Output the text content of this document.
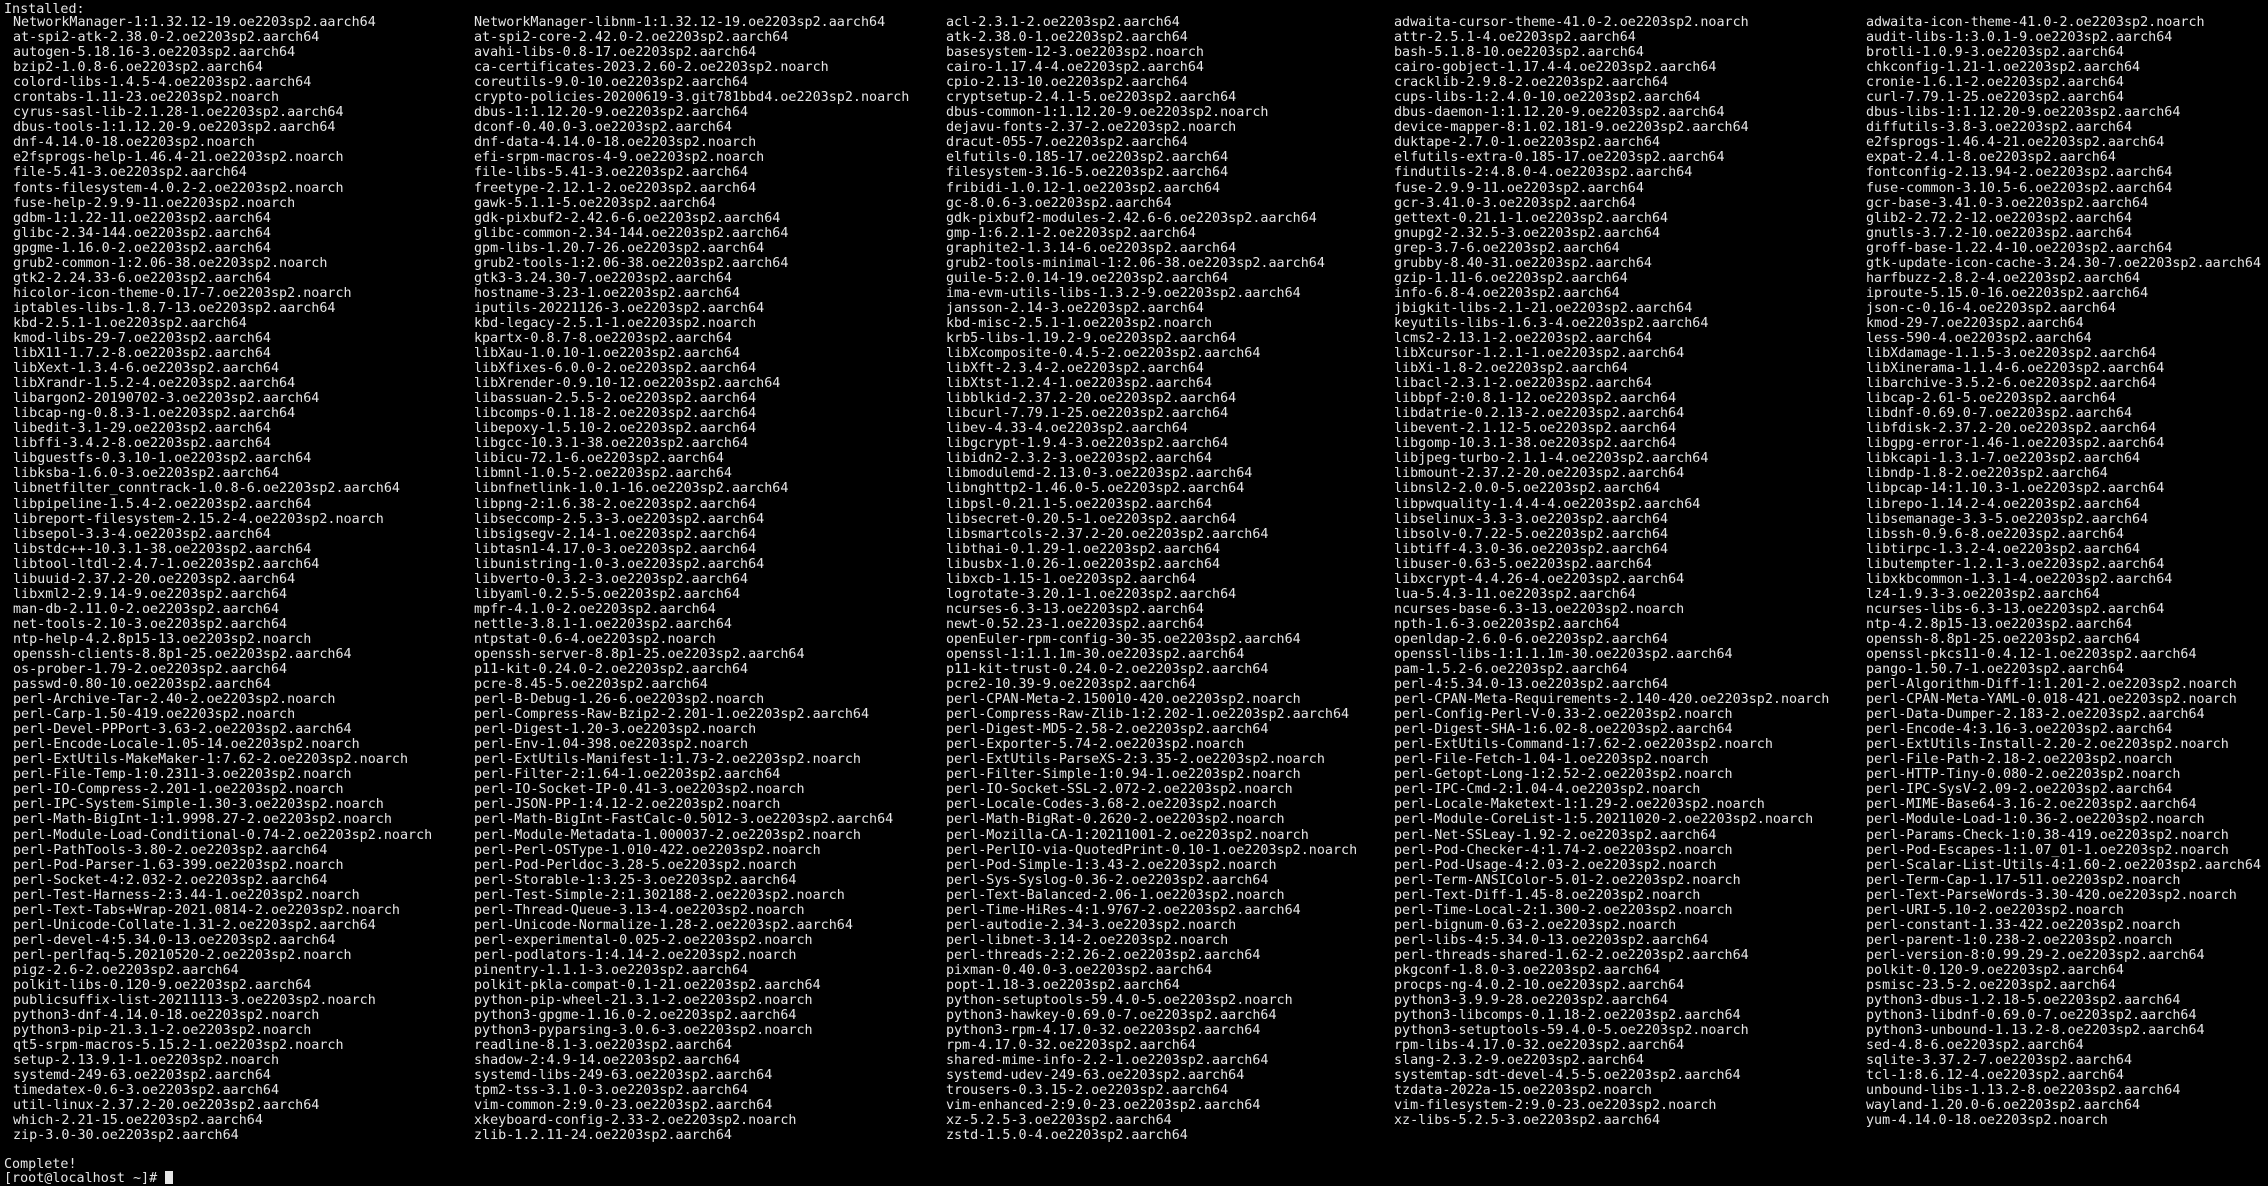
Installed:
NetworkManager-1:1.32.12-19.oe2203sp2.aarch64
at-spi2-atk-2.38.0-2.oe2203sp2.aarch64
autogen-5.18.16-3.oe2203sp2.aarch64
bzip2-1.0.8-6.oe2203sp2.aarch64
colord-libs-1.4.5-4.oe2203sp2.aarch64
crontabs-1.11-23.oe2203sp2.noarch
cyrus-sasl-lib-2.1.28-1.oe2203sp2.aarch64
dbus-tools-1:1.12.20-9.oe2203sp2.aarch64
dnf-4.14.0-18.oe2203sp2.noarch
e2fsprogs-help-1.46.4-21.oe2203sp2.noarch
file-5.41-3.oe2203sp2.aarch64
fonts-filesystem-4.0.2-2.oe2203sp2.noarch
fuse-help-2.9.9-11.oe2203sp2.noarch
gdbm-1:1.22-11.oe2203sp2.aarch64
glibc-2.34-144.oe2203sp2.aarch64
gpgme-1.16.0-2.oe2203sp2.aarch64
grub2-common-1:2.06-38.oe2203sp2.noarch
gtk2-2.24.33-6.oe2203sp2.aarch64
hicolor-icon-theme-0.17-7.oe2203sp2.noarch
iptables-libs-1.8.7-13.oe2203sp2.aarch64
kbd-2.5.1-1.oe2203sp2.aarch64
kmod-libs-29-7.oe2203sp2.aarch64
libX11-1.7.2-8.oe2203sp2.aarch64
libXext-1.3.4-6.oe2203sp2.aarch64
libXrandr-1.5.2-4.oe2203sp2.aarch64
libargon2-20190702-3.oe2203sp2.aarch64
libcap-ng-0.8.3-1.oe2203sp2.aarch64
libedit-3.1-29.oe2203sp2.aarch64
libffi-3.4.2-8.oe2203sp2.aarch64
libguestfs-0.3.10-1.oe2203sp2.aarch64
libksba-1.6.0-3.oe2203sp2.aarch64
libnetfilter_conntrack-1.0.8-6.oe2203sp2.aarch64
libpipeline-1.5.4-2.oe2203sp2.aarch64
libreport-filesystem-2.15.2-4.oe2203sp2.noarch
libsepol-3.3-4.oe2203sp2.aarch64
libstdc++-10.3.1-38.oe2203sp2.aarch64
libtool-ltdl-2.4.7-1.oe2203sp2.aarch64
libuuid-2.37.2-20.oe2203sp2.aarch64
libxml2-2.9.14-9.oe2203sp2.aarch64
man-db-2.11.0-2.oe2203sp2.aarch64
net-tools-2.10-3.oe2203sp2.aarch64
ntp-help-4.2.8p15-13.oe2203sp2.noarch
openssh-clients-8.8p1-25.oe2203sp2.aarch64
os-prober-1.79-2.oe2203sp2.aarch64
passwd-0.80-10.oe2203sp2.aarch64
perl-Archive-Tar-2.40-2.oe2203sp2.noarch
perl-Carp-1.50-419.oe2203sp2.noarch
perl-Devel-PPPort-3.63-2.oe2203sp2.aarch64
perl-Encode-Locale-1.05-14.oe2203sp2.noarch
perl-ExtUtils-MakeMaker-1:7.62-2.oe2203sp2.noarch
perl-File-Temp-1:0.2311-3.oe2203sp2.noarch
perl-IO-Compress-2.201-1.oe2203sp2.noarch
perl-IPC-System-Simple-1.30-3.oe2203sp2.noarch
perl-Math-BigInt-1:1.9998.27-2.oe2203sp2.noarch
perl-Module-Load-Conditional-0.74-2.oe2203sp2.noarch
perl-PathTools-3.80-2.oe2203sp2.aarch64
perl-Pod-Parser-1.63-399.oe2203sp2.noarch
perl-Socket-4:2.032-2.oe2203sp2.aarch64
perl-Test-Harness-2:3.44-1.oe2203sp2.noarch
perl-Text-Tabs+Wrap-2021.0814-2.oe2203sp2.noarch
perl-Unicode-Collate-1.31-2.oe2203sp2.aarch64
perl-devel-4:5.34.0-13.oe2203sp2.aarch64
perl-perlfaq-5.20210520-2.oe2203sp2.noarch
pigz-2.6-2.oe2203sp2.aarch64
polkit-libs-0.120-9.oe2203sp2.aarch64
publicsuffix-list-20211113-3.oe2203sp2.noarch
python3-dnf-4.14.0-18.oe2203sp2.noarch
python3-pip-21.3.1-2.oe2203sp2.noarch
qt5-srpm-macros-5.15.2-1.oe2203sp2.noarch
setup-2.13.9.1-1.oe2203sp2.noarch
systemd-249-63.oe2203sp2.aarch64
timedatex-0.6-3.oe2203sp2.aarch64
util-linux-2.37.2-20.oe2203sp2.aarch64
which-2.21-15.oe2203sp2.aarch64
zip-3.0-30.oe2203sp2.aarch64
NetworkManager-libnm-1:1.32.12-19.oe2203sp2.aarch64
at-spi2-core-2.42.0-2.oe2203sp2.aarch64
avahi-libs-0.8-17.oe2203sp2.aarch64
ca-certificates-2023.2.60-2.oe2203sp2.noarch
coreutils-9.0-10.oe2203sp2.aarch64
crypto-policies-20200619-3.git781bbd4.oe2203sp2.noarch
dbus-1:1.12.20-9.oe2203sp2.aarch64
dconf-0.40.0-3.oe2203sp2.aarch64
dnf-data-4.14.0-18.oe2203sp2.noarch
efi-srpm-macros-4-9.oe2203sp2.noarch
file-libs-5.41-3.oe2203sp2.aarch64
freetype-2.12.1-2.oe2203sp2.aarch64
gawk-5.1.1-5.oe2203sp2.aarch64
gdk-pixbuf2-2.42.6-6.oe2203sp2.aarch64
glibc-common-2.34-144.oe2203sp2.aarch64
gpm-libs-1.20.7-26.oe2203sp2.aarch64
grub2-tools-1:2.06-38.oe2203sp2.aarch64
gtk3-3.24.30-7.oe2203sp2.aarch64
hostname-3.23-1.oe2203sp2.aarch64
iputils-20221126-3.oe2203sp2.aarch64
kbd-legacy-2.5.1-1.oe2203sp2.noarch
kpartx-0.8.7-8.oe2203sp2.aarch64
libXau-1.0.10-1.oe2203sp2.aarch64
libXfixes-6.0.0-2.oe2203sp2.aarch64
libXrender-0.9.10-12.oe2203sp2.aarch64
libassuan-2.5.5-2.oe2203sp2.aarch64
libcomps-0.1.18-2.oe2203sp2.aarch64
libepoxy-1.5.10-2.oe2203sp2.aarch64
libgcc-10.3.1-38.oe2203sp2.aarch64
libicu-72.1-6.oe2203sp2.aarch64
libmnl-1.0.5-2.oe2203sp2.aarch64
libnfnetlink-1.0.1-16.oe2203sp2.aarch64
libpng-2:1.6.38-2.oe2203sp2.aarch64
libseccomp-2.5.3-3.oe2203sp2.aarch64
libsigsegv-2.14-1.oe2203sp2.aarch64
libtasn1-4.17.0-3.oe2203sp2.aarch64
libunistring-1.0-3.oe2203sp2.aarch64
libverto-0.3.2-3.oe2203sp2.aarch64
libyaml-0.2.5-5.oe2203sp2.aarch64
mpfr-4.1.0-2.oe2203sp2.aarch64
nettle-3.8.1-1.oe2203sp2.aarch64
ntpstat-0.6-4.oe2203sp2.noarch
openssh-server-8.8p1-25.oe2203sp2.aarch64
p11-kit-0.24.0-2.oe2203sp2.aarch64
pcre-8.45-5.oe2203sp2.aarch64
perl-B-Debug-1.26-6.oe2203sp2.noarch
perl-Compress-Raw-Bzip2-2.201-1.oe2203sp2.aarch64
perl-Digest-1.20-3.oe2203sp2.noarch
perl-Env-1.04-398.oe2203sp2.noarch
perl-ExtUtils-Manifest-1:1.73-2.oe2203sp2.noarch
perl-Filter-2:1.64-1.oe2203sp2.aarch64
perl-IO-Socket-IP-0.41-3.oe2203sp2.noarch
perl-JSON-PP-1:4.12-2.oe2203sp2.noarch
perl-Math-BigInt-FastCalc-0.5012-3.oe2203sp2.aarch64
perl-Module-Metadata-1.000037-2.oe2203sp2.noarch
perl-Perl-OSType-1.010-422.oe2203sp2.noarch
perl-Pod-Perldoc-3.28-5.oe2203sp2.noarch
perl-Storable-1:3.25-3.oe2203sp2.aarch64
perl-Test-Simple-2:1.302188-2.oe2203sp2.noarch
perl-Thread-Queue-3.13-4.oe2203sp2.noarch
perl-Unicode-Normalize-1.28-2.oe2203sp2.aarch64
perl-experimental-0.025-2.oe2203sp2.noarch
perl-podlators-1:4.14-2.oe2203sp2.noarch
pinentry-1.1.1-3.oe2203sp2.aarch64
polkit-pkla-compat-0.1-21.oe2203sp2.aarch64
python-pip-wheel-21.3.1-2.oe2203sp2.noarch
python3-gpgme-1.16.0-2.oe2203sp2.aarch64
python3-pyparsing-3.0.6-3.oe2203sp2.noarch
readline-8.1-3.oe2203sp2.aarch64
shadow-2:4.9-14.oe2203sp2.aarch64
systemd-libs-249-63.oe2203sp2.aarch64
tpm2-tss-3.1.0-3.oe2203sp2.aarch64
vim-common-2:9.0-23.oe2203sp2.aarch64
xkeyboard-config-2.33-2.oe2203sp2.noarch
zlib-1.2.11-24.oe2203sp2.aarch64
acl-2.3.1-2.oe2203sp2.aarch64
atk-2.38.0-1.oe2203sp2.aarch64
basesystem-12-3.oe2203sp2.noarch
cairo-1.17.4-4.oe2203sp2.aarch64
cpio-2.13-10.oe2203sp2.aarch64
cryptsetup-2.4.1-5.oe2203sp2.aarch64
dbus-common-1:1.12.20-9.oe2203sp2.noarch
dejavu-fonts-2.37-2.oe2203sp2.noarch
dracut-055-7.oe2203sp2.aarch64
elfutils-0.185-17.oe2203sp2.aarch64
filesystem-3.16-5.oe2203sp2.aarch64
fribidi-1.0.12-1.oe2203sp2.aarch64
gc-8.0.6-3.oe2203sp2.aarch64
gdk-pixbuf2-modules-2.42.6-6.oe2203sp2.aarch64
gmp-1:6.2.1-2.oe2203sp2.aarch64
graphite2-1.3.14-6.oe2203sp2.aarch64
grub2-tools-minimal-1:2.06-38.oe2203sp2.aarch64
guile-5:2.0.14-19.oe2203sp2.aarch64
ima-evm-utils-libs-1.3.2-9.oe2203sp2.aarch64
jansson-2.14-3.oe2203sp2.aarch64
kbd-misc-2.5.1-1.oe2203sp2.noarch
krb5-libs-1.19.2-9.oe2203sp2.aarch64
libXcomposite-0.4.5-2.oe2203sp2.aarch64
libXft-2.3.4-2.oe2203sp2.aarch64
libXtst-1.2.4-1.oe2203sp2.aarch64
libblkid-2.37.2-20.oe2203sp2.aarch64
libcurl-7.79.1-25.oe2203sp2.aarch64
libev-4.33-4.oe2203sp2.aarch64
libgcrypt-1.9.4-3.oe2203sp2.aarch64
libidn2-2.3.2-3.oe2203sp2.aarch64
libmodulemd-2.13.0-3.oe2203sp2.aarch64
libnghttp2-1.46.0-5.oe2203sp2.aarch64
libpsl-0.21.1-5.oe2203sp2.aarch64
libsecret-0.20.5-1.oe2203sp2.aarch64
libsmartcols-2.37.2-20.oe2203sp2.aarch64
libthai-0.1.29-1.oe2203sp2.aarch64
libusbx-1.0.26-1.oe2203sp2.aarch64
libxcb-1.15-1.oe2203sp2.aarch64
logrotate-3.20.1-1.oe2203sp2.aarch64
ncurses-6.3-13.oe2203sp2.aarch64
newt-0.52.23-1.oe2203sp2.aarch64
openEuler-rpm-config-30-35.oe2203sp2.aarch64
openssl-1:1.1.1m-30.oe2203sp2.aarch64
p11-kit-trust-0.24.0-2.oe2203sp2.aarch64
pcre2-10.39-9.oe2203sp2.aarch64
perl-CPAN-Meta-2.150010-420.oe2203sp2.noarch
perl-Compress-Raw-Zlib-1:2.202-1.oe2203sp2.aarch64
perl-Digest-MD5-2.58-2.oe2203sp2.aarch64
perl-Exporter-5.74-2.oe2203sp2.noarch
perl-ExtUtils-ParseXS-2:3.35-2.oe2203sp2.noarch
perl-Filter-Simple-1:0.94-1.oe2203sp2.noarch
perl-IO-Socket-SSL-2.072-2.oe2203sp2.noarch
perl-Locale-Codes-3.68-2.oe2203sp2.noarch
perl-Math-BigRat-0.2620-2.oe2203sp2.noarch
perl-Mozilla-CA-1:20211001-2.oe2203sp2.noarch
perl-PerlIO-via-QuotedPrint-0.10-1.oe2203sp2.noarch
perl-Pod-Simple-1:3.43-2.oe2203sp2.noarch
perl-Sys-Syslog-0.36-2.oe2203sp2.aarch64
perl-Text-Balanced-2.06-1.oe2203sp2.noarch
perl-Time-HiRes-4:1.9767-2.oe2203sp2.aarch64
perl-autodie-2.34-3.oe2203sp2.noarch
perl-libnet-3.14-2.oe2203sp2.noarch
perl-threads-2:2.26-2.oe2203sp2.aarch64
pixman-0.40.0-3.oe2203sp2.aarch64
popt-1.18-3.oe2203sp2.aarch64
python-setuptools-59.4.0-5.oe2203sp2.noarch
python3-hawkey-0.69.0-7.oe2203sp2.aarch64
python3-rpm-4.17.0-32.oe2203sp2.aarch64
rpm-4.17.0-32.oe2203sp2.aarch64
shared-mime-info-2.2-1.oe2203sp2.aarch64
systemd-udev-249-63.oe2203sp2.aarch64
trousers-0.3.15-2.oe2203sp2.aarch64
vim-enhanced-2:9.0-23.oe2203sp2.aarch64
xz-5.2.5-3.oe2203sp2.aarch64
zstd-1.5.0-4.oe2203sp2.aarch64
adwaita-cursor-theme-41.0-2.oe2203sp2.noarch
attr-2.5.1-4.oe2203sp2.aarch64
bash-5.1.8-10.oe2203sp2.aarch64
cairo-gobject-1.17.4-4.oe2203sp2.aarch64
cracklib-2.9.8-2.oe2203sp2.aarch64
cups-libs-1:2.4.0-10.oe2203sp2.aarch64
dbus-daemon-1:1.12.20-9.oe2203sp2.aarch64
device-mapper-8:1.02.181-9.oe2203sp2.aarch64
duktape-2.7.0-1.oe2203sp2.aarch64
elfutils-extra-0.185-17.oe2203sp2.aarch64
findutils-2:4.8.0-4.oe2203sp2.aarch64
fuse-2.9.9-11.oe2203sp2.aarch64
gcr-3.41.0-3.oe2203sp2.aarch64
gettext-0.21.1-1.oe2203sp2.aarch64
gnupg2-2.32.5-3.oe2203sp2.aarch64
grep-3.7-6.oe2203sp2.aarch64
grubby-8.40-31.oe2203sp2.aarch64
gzip-1.11-6.oe2203sp2.aarch64
info-6.8-4.oe2203sp2.aarch64
jbigkit-libs-2.1-21.oe2203sp2.aarch64
keyutils-libs-1.6.3-4.oe2203sp2.aarch64
lcms2-2.13.1-2.oe2203sp2.aarch64
libXcursor-1.2.1-1.oe2203sp2.aarch64
libXi-1.8-2.oe2203sp2.aarch64
libacl-2.3.1-2.oe2203sp2.aarch64
libbpf-2:0.8.1-12.oe2203sp2.aarch64
libdatrie-0.2.13-2.oe2203sp2.aarch64
libevent-2.1.12-5.oe2203sp2.aarch64
libgomp-10.3.1-38.oe2203sp2.aarch64
libjpeg-turbo-2.1.1-4.oe2203sp2.aarch64
libmount-2.37.2-20.oe2203sp2.aarch64
libnsl2-2.0.0-5.oe2203sp2.aarch64
libpwquality-1.4.4-4.oe2203sp2.aarch64
libselinux-3.3-3.oe2203sp2.aarch64
libsolv-0.7.22-5.oe2203sp2.aarch64
libtiff-4.3.0-36.oe2203sp2.aarch64
libuser-0.63-5.oe2203sp2.aarch64
libxcrypt-4.4.26-4.oe2203sp2.aarch64
lua-5.4.3-11.oe2203sp2.aarch64
ncurses-base-6.3-13.oe2203sp2.noarch
npth-1.6-3.oe2203sp2.aarch64
openldap-2.6.0-6.oe2203sp2.aarch64
openssl-libs-1:1.1.1m-30.oe2203sp2.aarch64
pam-1.5.2-6.oe2203sp2.aarch64
perl-4:5.34.0-13.oe2203sp2.aarch64
perl-CPAN-Meta-Requirements-2.140-420.oe2203sp2.noarch
perl-Config-Perl-V-0.33-2.oe2203sp2.noarch
perl-Digest-SHA-1:6.02-8.oe2203sp2.aarch64
perl-ExtUtils-Command-1:7.62-2.oe2203sp2.noarch
perl-File-Fetch-1.04-1.oe2203sp2.noarch
perl-Getopt-Long-1:2.52-2.oe2203sp2.noarch
perl-IPC-Cmd-2:1.04-4.oe2203sp2.noarch
perl-Locale-Maketext-1:1.29-2.oe2203sp2.noarch
perl-Module-CoreList-1:5.20211020-2.oe2203sp2.noarch
perl-Net-SSLeay-1.92-2.oe2203sp2.aarch64
perl-Pod-Checker-4:1.74-2.oe2203sp2.noarch
perl-Pod-Usage-4:2.03-2.oe2203sp2.noarch
perl-Term-ANSIColor-5.01-2.oe2203sp2.noarch
perl-Text-Diff-1.45-8.oe2203sp2.noarch
perl-Time-Local-2:1.300-2.oe2203sp2.noarch
perl-bignum-0.63-2.oe2203sp2.noarch
perl-libs-4:5.34.0-13.oe2203sp2.aarch64
perl-threads-shared-1.62-2.oe2203sp2.aarch64
pkgconf-1.8.0-3.oe2203sp2.aarch64
procps-ng-4.0.2-10.oe2203sp2.aarch64
python3-3.9.9-28.oe2203sp2.aarch64
python3-libcomps-0.1.18-2.oe2203sp2.aarch64
python3-setuptools-59.4.0-5.oe2203sp2.noarch
rpm-libs-4.17.0-32.oe2203sp2.aarch64
slang-2.3.2-9.oe2203sp2.aarch64
systemtap-sdt-devel-4.5-5.oe2203sp2.aarch64
tzdata-2022a-15.oe2203sp2.noarch
vim-filesystem-2:9.0-23.oe2203sp2.noarch
xz-libs-5.2.5-3.oe2203sp2.aarch64
adwaita-icon-theme-41.0-2.oe2203sp2.noarch
audit-libs-1:3.0.1-9.oe2203sp2.aarch64
brotli-1.0.9-3.oe2203sp2.aarch64
chkconfig-1.21-1.oe2203sp2.aarch64
cronie-1.6.1-2.oe2203sp2.aarch64
curl-7.79.1-25.oe2203sp2.aarch64
dbus-libs-1:1.12.20-9.oe2203sp2.aarch64
diffutils-3.8-3.oe2203sp2.aarch64
e2fsprogs-1.46.4-21.oe2203sp2.aarch64
expat-2.4.1-8.oe2203sp2.aarch64
fontconfig-2.13.94-2.oe2203sp2.aarch64
fuse-common-3.10.5-6.oe2203sp2.aarch64
gcr-base-3.41.0-3.oe2203sp2.aarch64
glib2-2.72.2-12.oe2203sp2.aarch64
gnutls-3.7.2-10.oe2203sp2.aarch64
groff-base-1.22.4-10.oe2203sp2.aarch64
gtk-update-icon-cache-3.24.30-7.oe2203sp2.aarch64
harfbuzz-2.8.2-4.oe2203sp2.aarch64
iproute-5.15.0-16.oe2203sp2.aarch64
json-c-0.16-4.oe2203sp2.aarch64
kmod-29-7.oe2203sp2.aarch64
less-590-4.oe2203sp2.aarch64
libXdamage-1.1.5-3.oe2203sp2.aarch64
libXinerama-1.1.4-6.oe2203sp2.aarch64
libarchive-3.5.2-6.oe2203sp2.aarch64
libcap-2.61-5.oe2203sp2.aarch64
libdnf-0.69.0-7.oe2203sp2.aarch64
libfdisk-2.37.2-20.oe2203sp2.aarch64
libgpg-error-1.46-1.oe2203sp2.aarch64
libkcapi-1.3.1-7.oe2203sp2.aarch64
libndp-1.8-2.oe2203sp2.aarch64
libpcap-14:1.10.3-1.oe2203sp2.aarch64
librepo-1.14.2-4.oe2203sp2.aarch64
libsemanage-3.3-5.oe2203sp2.aarch64
libssh-0.9.6-8.oe2203sp2.aarch64
libtirpc-1.3.2-4.oe2203sp2.aarch64
libutempter-1.2.1-3.oe2203sp2.aarch64
libxkbcommon-1.3.1-4.oe2203sp2.aarch64
lz4-1.9.3-3.oe2203sp2.aarch64
ncurses-libs-6.3-13.oe2203sp2.aarch64
ntp-4.2.8p15-13.oe2203sp2.aarch64
openssh-8.8p1-25.oe2203sp2.aarch64
openssl-pkcs11-0.4.12-1.oe2203sp2.aarch64
pango-1.50.7-1.oe2203sp2.aarch64
perl-Algorithm-Diff-1:1.201-2.oe2203sp2.noarch
perl-CPAN-Meta-YAML-0.018-421.oe2203sp2.noarch
perl-Data-Dumper-2.183-2.oe2203sp2.aarch64
perl-Encode-4:3.16-3.oe2203sp2.aarch64
perl-ExtUtils-Install-2.20-2.oe2203sp2.noarch
perl-File-Path-2.18-2.oe2203sp2.noarch
perl-HTTP-Tiny-0.080-2.oe2203sp2.noarch
perl-IPC-SysV-2.09-2.oe2203sp2.aarch64
perl-MIME-Base64-3.16-2.oe2203sp2.aarch64
perl-Module-Load-1:0.36-2.oe2203sp2.noarch
perl-Params-Check-1:0.38-419.oe2203sp2.noarch
perl-Pod-Escapes-1:1.07_01-1.oe2203sp2.noarch
perl-Scalar-List-Utils-4:1.60-2.oe2203sp2.aarch64
perl-Term-Cap-1.17-511.oe2203sp2.noarch
perl-Text-ParseWords-3.30-420.oe2203sp2.noarch
perl-URI-5.10-2.oe2203sp2.noarch
perl-constant-1.33-422.oe2203sp2.noarch
perl-parent-1:0.238-2.oe2203sp2.noarch
perl-version-8:0.99.29-2.oe2203sp2.aarch64
polkit-0.120-9.oe2203sp2.aarch64
psmisc-23.5-2.oe2203sp2.aarch64
python3-dbus-1.2.18-5.oe2203sp2.aarch64
python3-libdnf-0.69.0-7.oe2203sp2.aarch64
python3-unbound-1.13.2-8.oe2203sp2.aarch64
sed-4.8-6.oe2203sp2.aarch64
sqlite-3.37.2-7.oe2203sp2.aarch64
tcl-1:8.6.12-4.oe2203sp2.aarch64
unbound-libs-1.13.2-8.oe2203sp2.aarch64
wayland-1.20.0-6.oe2203sp2.aarch64
yum-4.14.0-18.oe2203sp2.noarch
Complete!
[root@localhost ~]#
